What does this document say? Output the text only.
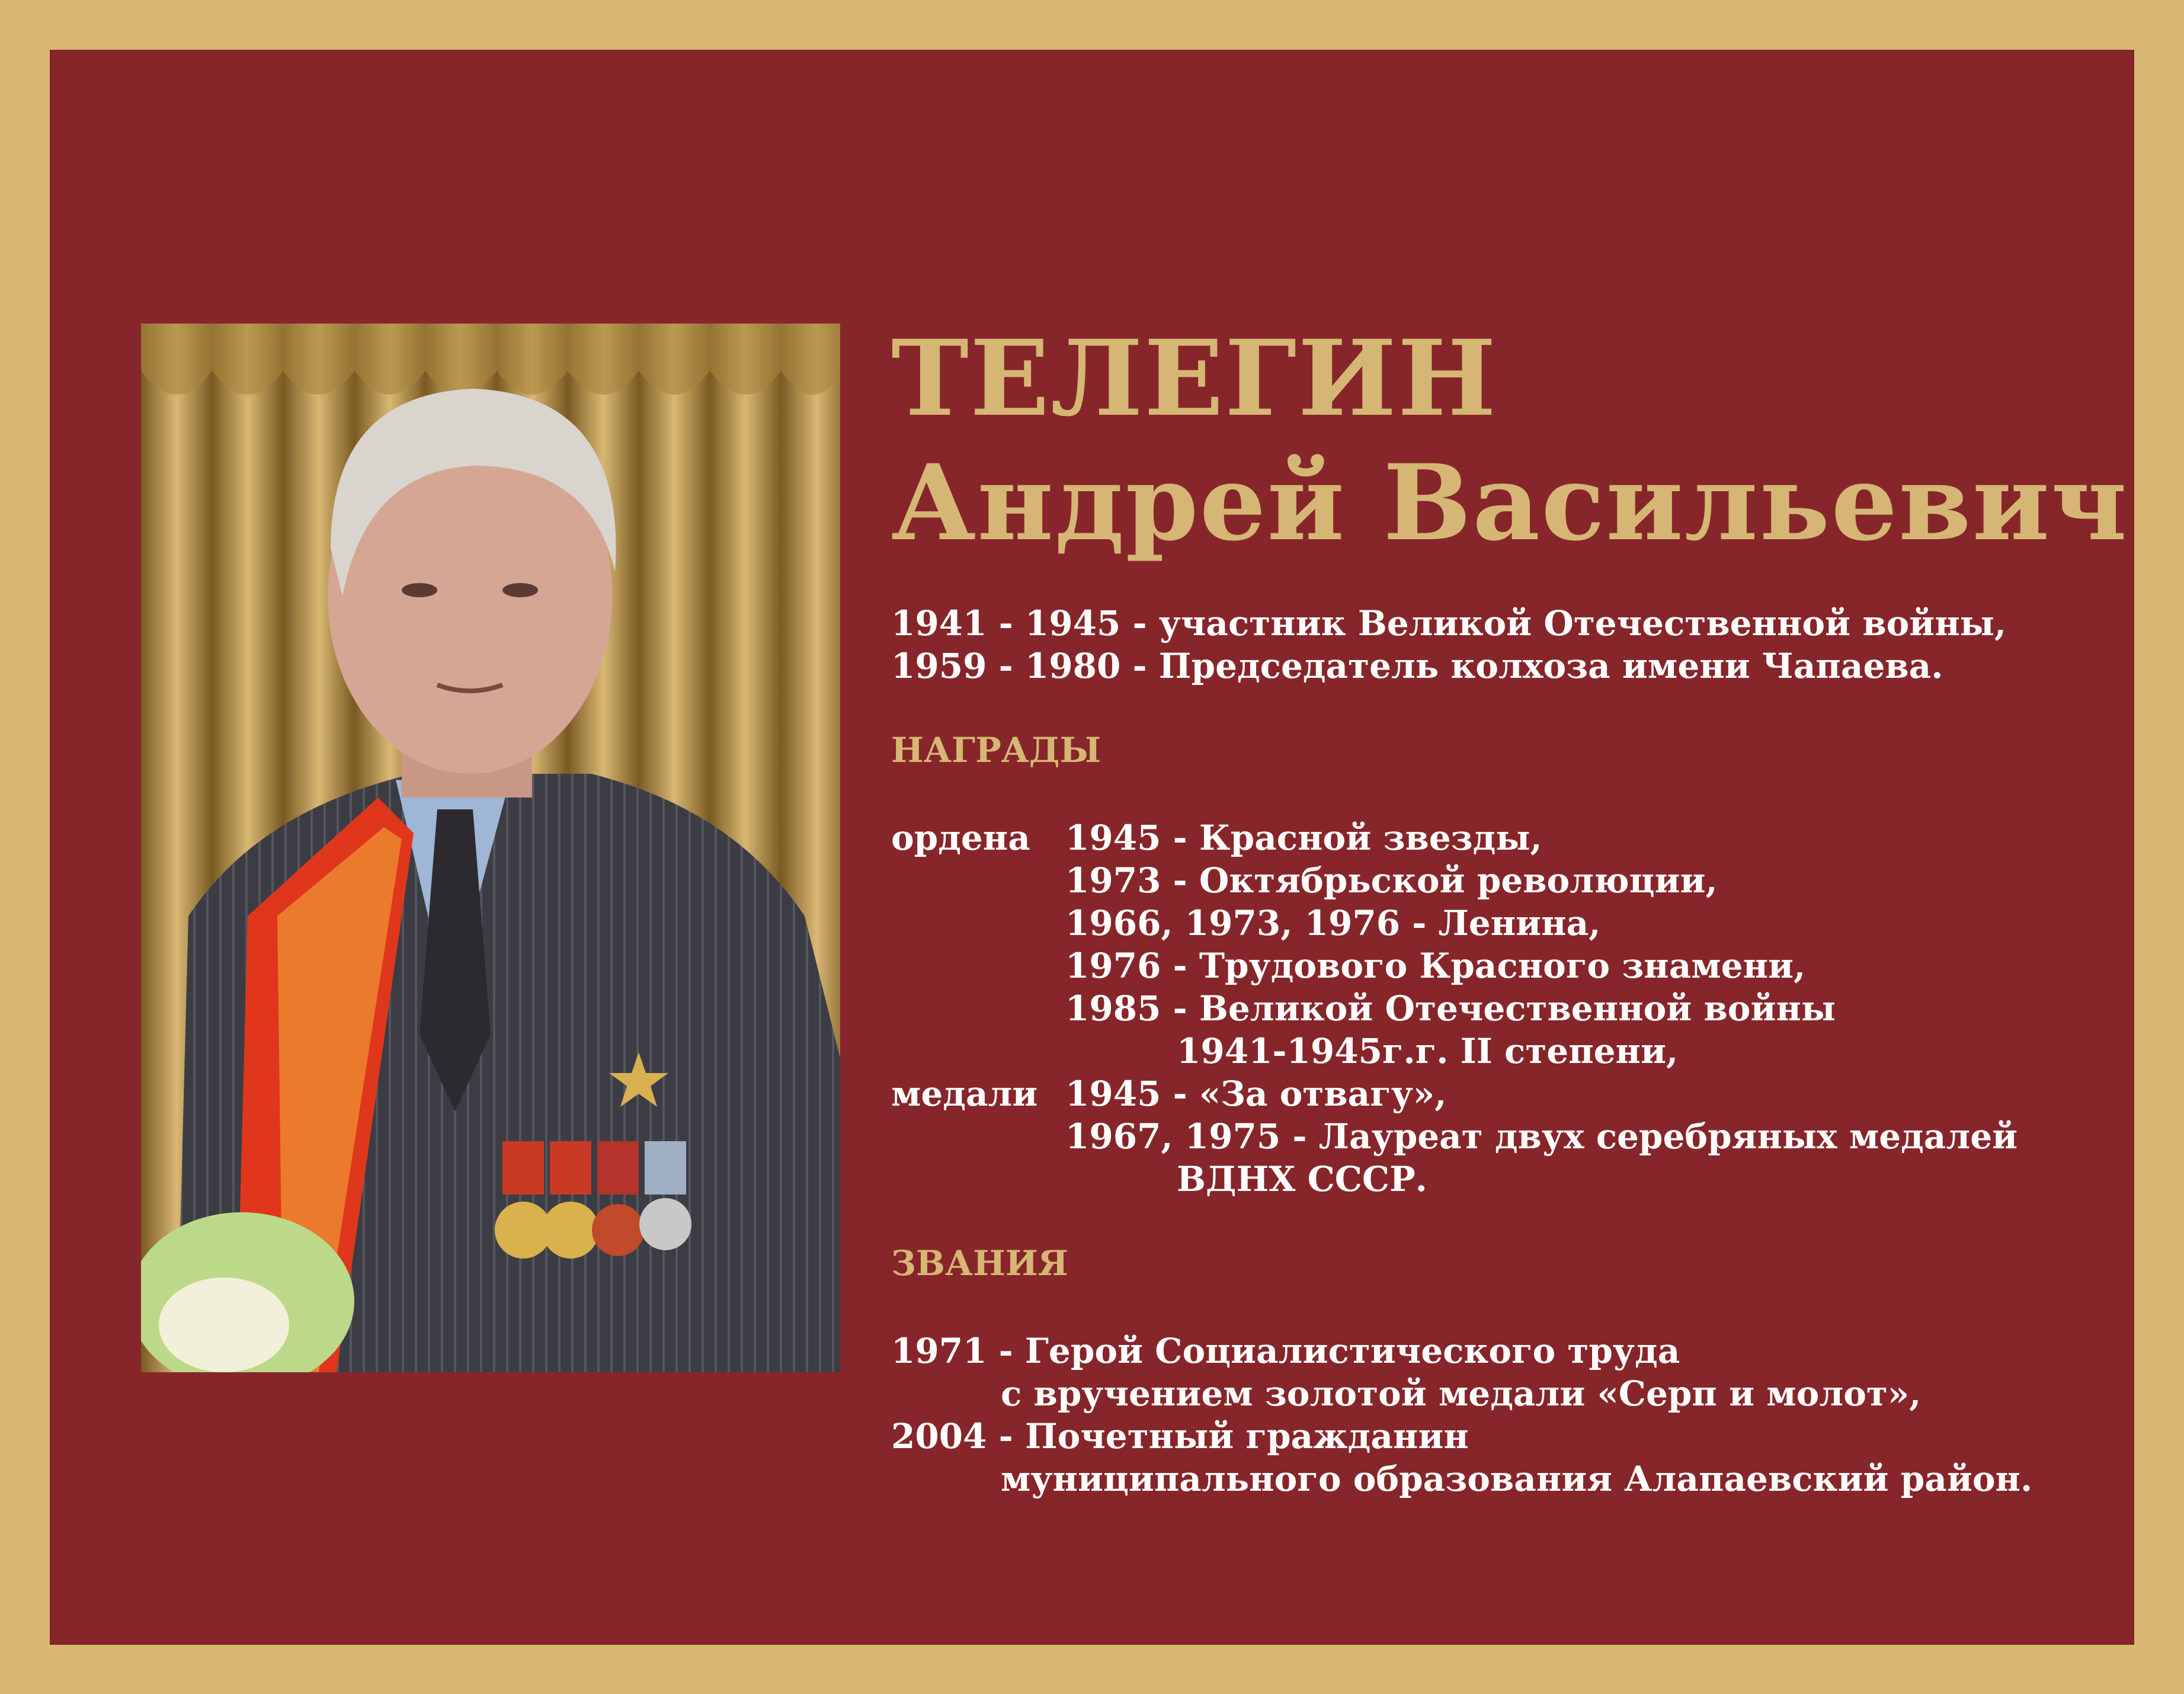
ТЕЛЕГИН
Андрей Васильевич
1941 - 1945 - участник Великой Отечественной войны,
1959 - 1980 - Председатель колхоза имени Чапаева.
НАГРАДЫ
ордена	1945 - Красной звезды,
1973 - Октябрьской революции,
1966, 1973, 1976 - Ленина,
1976 - Трудового Красного знамени,
1985 - Великой Отечественной войны
1941-1945г.г. II степени,
медали 1945 - «За отвагу»,
1967, 1975 - Лауреат двух серебряных медалей
ВДНХ СССР.
ЗВАНИЯ
1971 - Герой Социалистического труда
с вручением золотой медали «Серп и молот»,
2004 - Почетный гражданин
муниципального образования Алапаевский район.
